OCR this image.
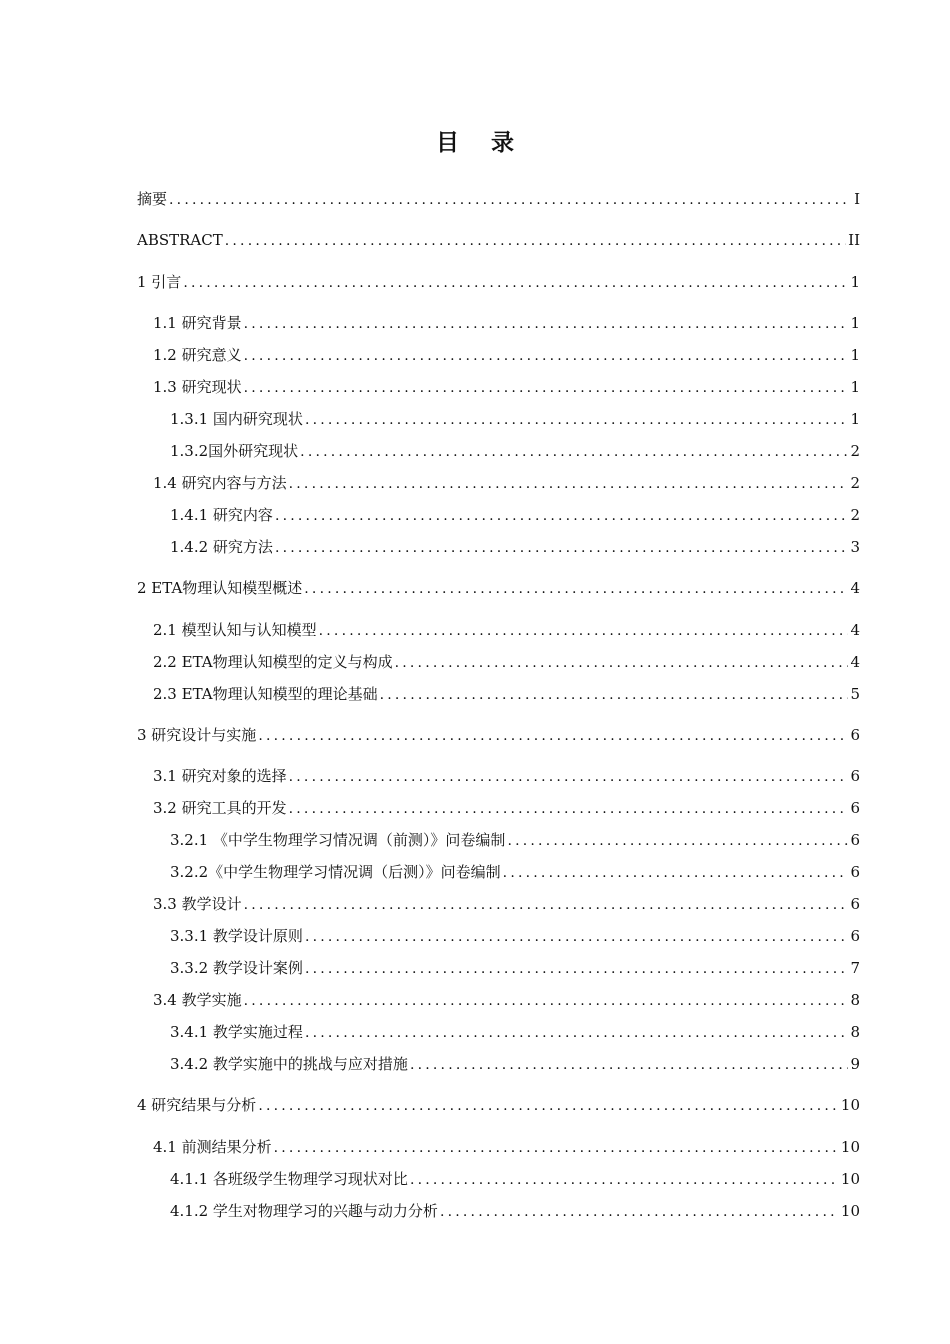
目 录
摘要 .....	I
ABSTRACT .....	II
1 引言 .....	1
1.1 研究背景 .....	1
1.2 研究意义 .....	1
1.3 研究现状 .....	1
1.3.1 国内研究现状 .....	1
1.3.2国外研究现状 .....	2
1.4 研究内容与方法 .....	2
1.4.1 研究内容 .....	2
1.4.2 研究方法 .....	3
2 ETA物理认知模型概述 .....	4
2.1 模型认知与认知模型 .....	4
2.2 ETA物理认知模型的定义与构成 .....	4
2.3 ETA物理认知模型的理论基础 .....	5
3 研究设计与实施 .....	6
3.1 研究对象的选择 .....	6
3.2 研究工具的开发 .....	6
3.2.1 《中学生物理学习情况调（前测）》问卷编制 .....	6
3.2.2《中学生物理学习情况调（后测）》问卷编制 .....	6
3.3 教学设计 .....	6
3.3.1 教学设计原则 .....	6
3.3.2 教学设计案例 .....	7
3.4 教学实施 .....	8
3.4.1 教学实施过程 .....	8
3.4.2 教学实施中的挑战与应对措施 .....	9
4 研究结果与分析 .....	10
4.1 前测结果分析 .....	10
4.1.1 各班级学生物理学习现状对比 .....	10
4.1.2 学生对物理学习的兴趣与动力分析 .....	10
